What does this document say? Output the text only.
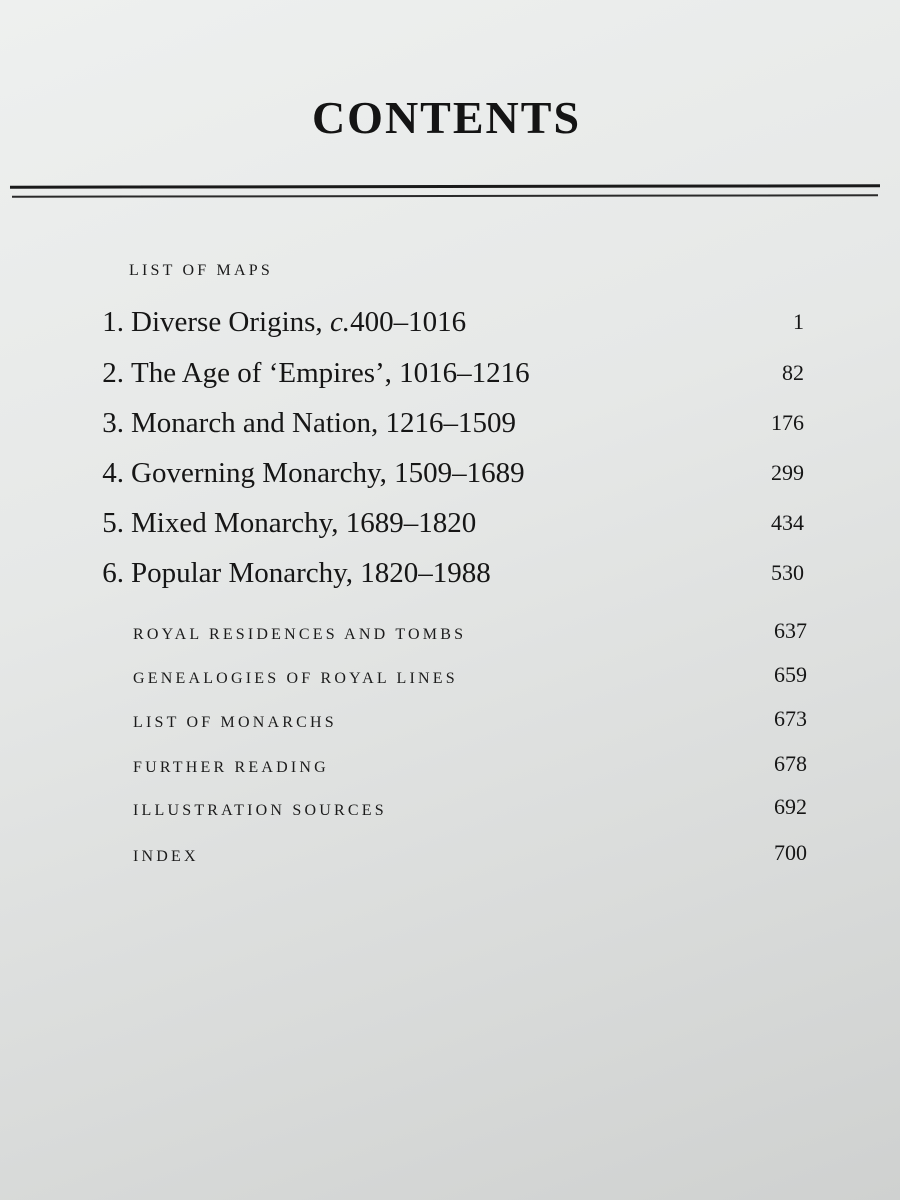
CONTENTS
LIST OF MAPS
1. Diverse Origins, c.400–1016	1
2. The Age of ‘Empires’, 1016–1216	82
3. Monarch and Nation, 1216–1509	176
4. Governing Monarchy, 1509–1689	299
5. Mixed Monarchy, 1689–1820	434
6. Popular Monarchy, 1820–1988	530
ROYAL RESIDENCES AND TOMBS	637
GENEALOGIES OF ROYAL LINES	659
LIST OF MONARCHS	673
FURTHER READING	678
ILLUSTRATION SOURCES	692
INDEX	700
